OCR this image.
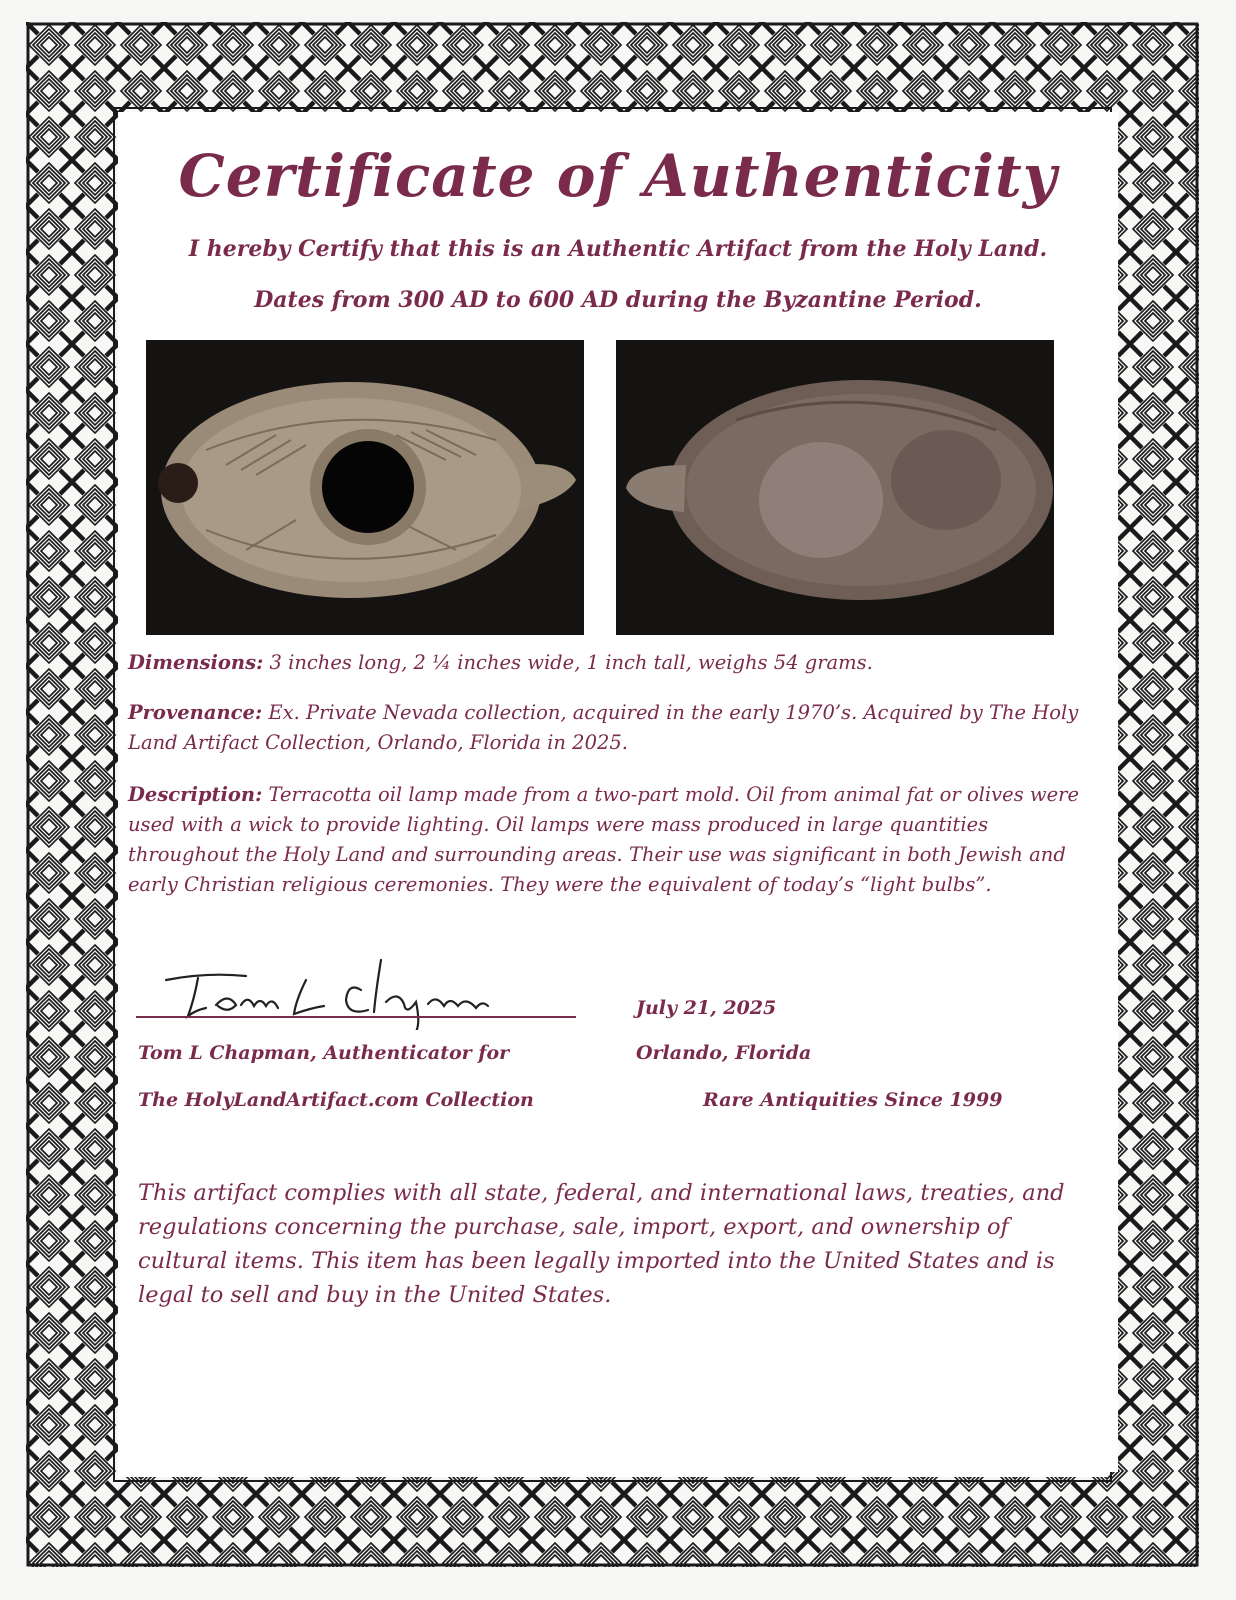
Certificate of Authenticity
I hereby Certify that this is an Authentic Artifact from the Holy Land.
Dates from 300 AD to 600 AD during the Byzantine Period.
Dimensions: 3 inches long, 2 ¼ inches wide, 1 inch tall, weighs 54 grams.
Provenance: Ex. Private Nevada collection, acquired in the early 1970’s. Acquired by The Holy Land Artifact Collection, Orlando, Florida in 2025.
Description: Terracotta oil lamp made from a two-part mold. Oil from animal fat or olives were used with a wick to provide lighting. Oil lamps were mass produced in large quantities throughout the Holy Land and surrounding areas. Their use was significant in both Jewish and early Christian religious ceremonies. They were the equivalent of today’s “light bulbs”.
Tom L Chapman, Authenticator for
The HolyLandArtifact.com Collection
July 21, 2025
Orlando, Florida
Rare Antiquities Since 1999
This artifact complies with all state, federal, and international laws, treaties, and regulations concerning the purchase, sale, import, export, and ownership of cultural items. This item has been legally imported into the United States and is legal to sell and buy in the United States.
